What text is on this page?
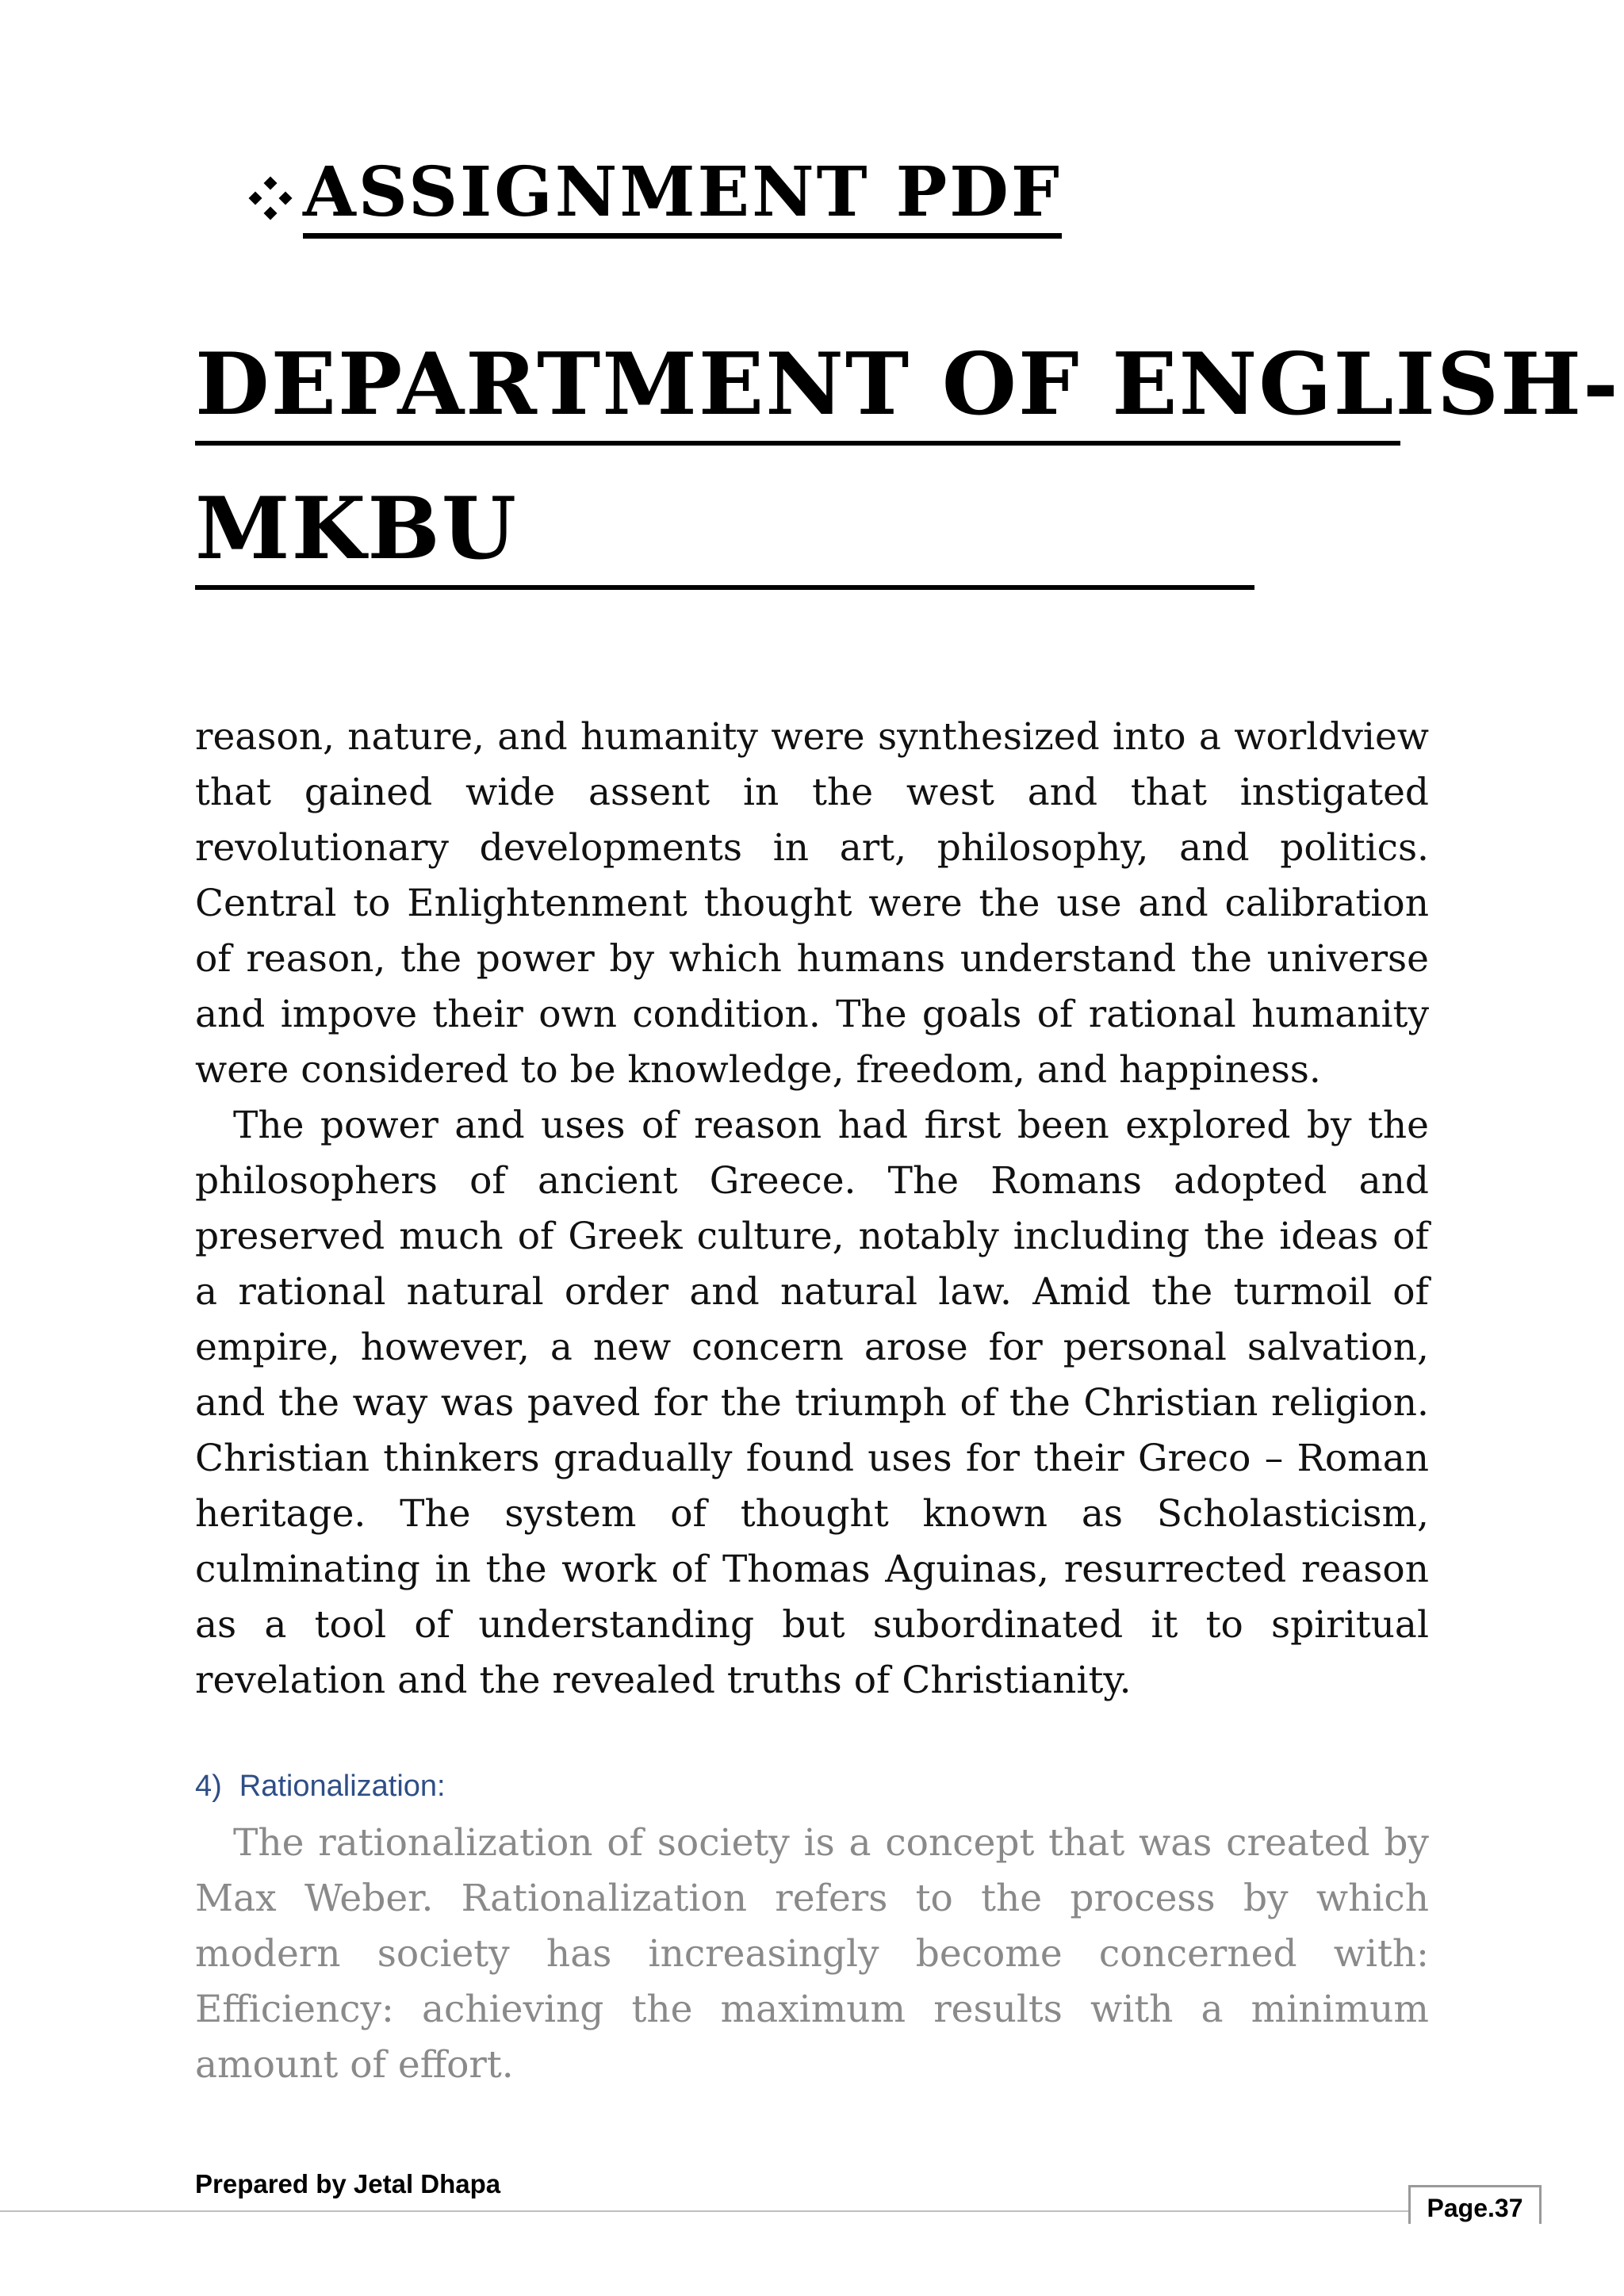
ASSIGNMENT PDF
DEPARTMENT OF ENGLISH-
MKBU

reason, nature, and humanity were synthesized into a worldview that gained wide assent in the west and that instigated revolutionary developments in art, philosophy, and politics. Central to Enlightenment thought were the use and calibration of reason, the power by which humans understand the universe and impove their own condition. The goals of rational humanity were considered to be knowledge, freedom, and happiness.

The power and uses of reason had first been explored by the philosophers of ancient Greece. The Romans adopted and preserved much of Greek culture, notably including the ideas of a rational natural order and natural law. Amid the turmoil of empire, however, a new concern arose for personal salvation, and the way was paved for the triumph of the Christian religion. Christian thinkers gradually found uses for their Greco – Roman heritage. The system of thought known as Scholasticism, culminating in the work of Thomas Aguinas, resurrected reason as a tool of understanding but subordinated it to spiritual revelation and the revealed truths of Christianity.

4) Rationalization:

The rationalization of society is a concept that was created by Max Weber. Rationalization refers to the process by which modern society has increasingly become concerned with: Efficiency: achieving the maximum results with a minimum amount of effort.

Prepared by Jetal Dhapa
Page.37
